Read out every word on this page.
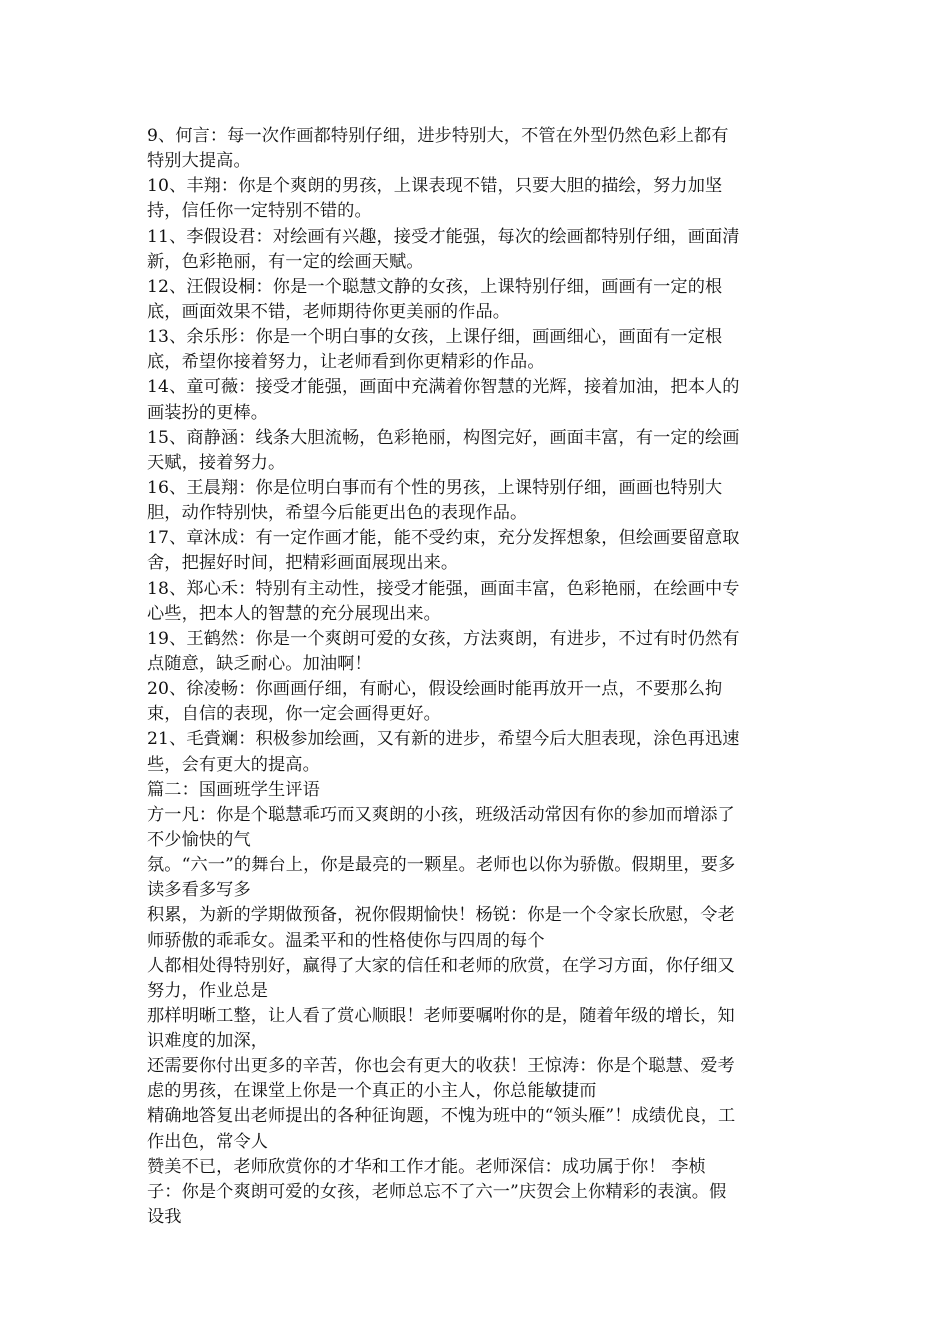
9、何言：每一次作画都特别仔细，进步特别大，不管在外型仍然色彩上都有
特别大提高。
10、丰翔：你是个爽朗的男孩，上课表现不错，只要大胆的描绘，努力加坚
持，信任你一定特别不错的。
11、李假设君：对绘画有兴趣，接受才能强，每次的绘画都特别仔细，画面清
新，色彩艳丽，有一定的绘画天赋。
12、汪假设桐：你是一个聪慧文静的女孩，上课特别仔细，画画有一定的根
底，画面效果不错，老师期待你更美丽的作品。
13、余乐彤：你是一个明白事的女孩，上课仔细，画画细心，画面有一定根
底，希望你接着努力，让老师看到你更精彩的作品。
14、童可薇：接受才能强，画面中充满着你智慧的光辉，接着加油，把本人的
画装扮的更棒。
15、商静涵：线条大胆流畅，色彩艳丽，构图完好，画面丰富，有一定的绘画
天赋，接着努力。
16、王晨翔：你是位明白事而有个性的男孩，上课特别仔细，画画也特别大
胆，动作特别快，希望今后能更出色的表现作品。
17、章沐成：有一定作画才能，能不受约束，充分发挥想象，但绘画要留意取
舍，把握好时间，把精彩画面展现出来。
18、郑心禾：特别有主动性，接受才能强，画面丰富，色彩艳丽，在绘画中专
心些，把本人的智慧的充分展现出来。
19、王鹤然：你是一个爽朗可爱的女孩，方法爽朗，有进步，不过有时仍然有
点随意，缺乏耐心。加油啊！
20、徐凌畅：你画画仔细，有耐心，假设绘画时能再放开一点，不要那么拘
束，自信的表现，你一定会画得更好。
21、毛賫斓：积极参加绘画，又有新的进步，希望今后大胆表现，涂色再迅速
些，会有更大的提高。
篇二：国画班学生评语
方一凡：你是个聪慧乖巧而又爽朗的小孩，班级活动常因有你的参加而增添了
不少愉快的气
氛。“六一”的舞台上，你是最亮的一颗星。老师也以你为骄傲。假期里，要多
读多看多写多
积累，为新的学期做预备，祝你假期愉快！杨锐：你是一个令家长欣慰，令老
师骄傲的乖乖女。温柔平和的性格使你与四周的每个
人都相处得特别好，赢得了大家的信任和老师的欣赏，在学习方面，你仔细又
努力，作业总是
那样明晰工整，让人看了赏心顺眼！老师要嘱咐你的是，随着年级的增长，知
识难度的加深，
还需要你付出更多的辛苦，你也会有更大的收获！王惊涛：你是个聪慧、爱考
虑的男孩，在课堂上你是一个真正的小主人，你总能敏捷而
精确地答复出老师提出的各种征询题，不愧为班中的“领头雁”！成绩优良，工
作出色，常令人
赞美不已，老师欣赏你的才华和工作才能。老师深信：成功属于你！ 李桢
子：你是个爽朗可爱的女孩，老师总忘不了六一”庆贺会上你精彩的表演。假
设我
